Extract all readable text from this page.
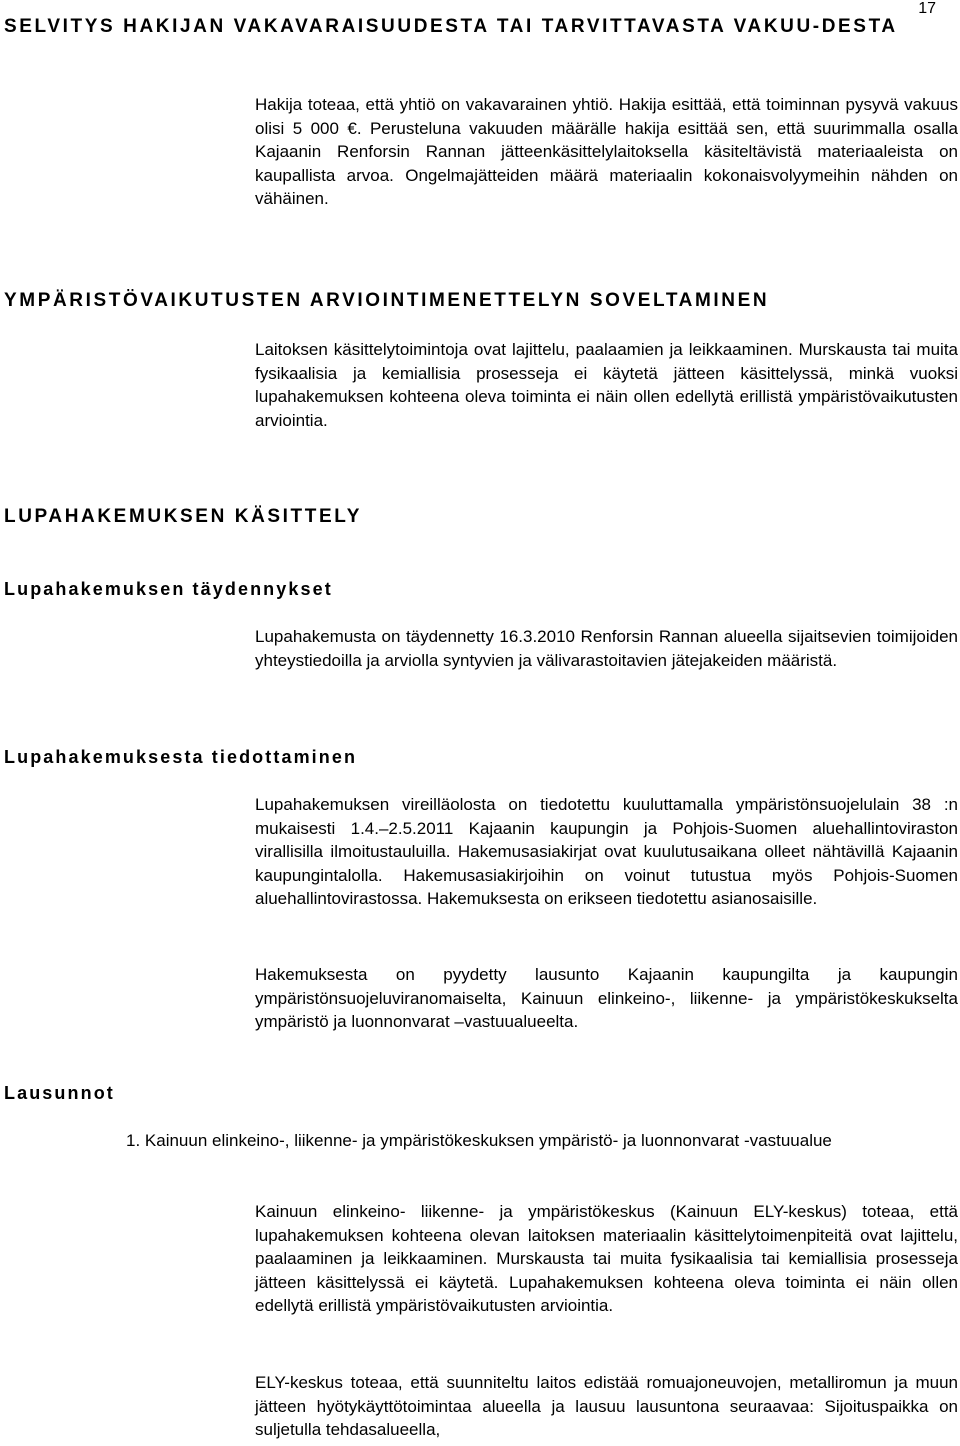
17
SELVITYS HAKIJAN VAKAVARAISUUDESTA TAI TARVITTAVASTA VAKUU-DESTA

Hakija toteaa, että yhtiö on vakavarainen yhtiö. Hakija esittää, että toiminnan pysyvä vakuus olisi 5 000 €. Perusteluna vakuuden määrälle hakija esittää sen, että suurimmalla osalla Kajaanin Renforsin Rannan jätteenkäsittelylaitoksella käsiteltävistä materiaaleista on kaupallista arvoa. Ongelmajätteiden määrä materiaalin kokonaisvolyymeihin nähden on vähäinen.

YMPÄRISTÖVAIKUTUSTEN ARVIOINTIMENETTELYN SOVELTAMINEN

Laitoksen käsittelytoimintoja ovat lajittelu, paalaamien ja leikkaaminen. Murskausta tai muita fysikaalisia ja kemiallisia prosesseja ei käytetä jätteen käsittelyssä, minkä vuoksi lupahakemuksen kohteena oleva toiminta ei näin ollen edellytä erillistä ympäristövaikutusten arviointia.

LUPAHAKEMUKSEN KÄSITTELY
Lupahakemuksen täydennykset

Lupahakemusta on täydennetty 16.3.2010 Renforsin Rannan alueella sijaitsevien toimijoiden yhteystiedoilla ja arviolla syntyvien ja välivarastoitavien jätejakeiden määristä.

Lupahakemuksesta tiedottaminen

Lupahakemuksen vireilläolosta on tiedotettu kuuluttamalla ympäristönsuojelulain 38 :n mukaisesti 1.4.–2.5.2011 Kajaanin kaupungin ja Pohjois-Suomen aluehallintoviraston virallisilla ilmoitustauluilla. Hakemusasiakirjat ovat kuulutusaikana olleet nähtävillä Kajaanin kaupungintalolla. Hakemusasiakirjoihin on voinut tutustua myös Pohjois-Suomen aluehallintovirastossa. Hakemuksesta on erikseen tiedotettu asianosaisille.

Hakemuksesta on pyydetty lausunto Kajaanin kaupungilta ja kaupungin ympäristönsuojeluviranomaiselta, Kainuun elinkeino-, liikenne- ja ympäristökeskukselta ympäristö ja luonnonvarat –vastuualueelta.

Lausunnot

1. Kainuun elinkeino-, liikenne- ja ympäristökeskuksen ympäristö- ja luonnonvarat -vastuualue

Kainuun elinkeino- liikenne- ja ympäristökeskus (Kainuun ELY-keskus) toteaa, että lupahakemuksen kohteena olevan laitoksen materiaalin käsittelytoimenpiteitä ovat lajittelu, paalaaminen ja leikkaaminen. Murskausta tai muita fysikaalisia tai kemiallisia prosesseja jätteen käsittelyssä ei käytetä. Lupahakemuksen kohteena oleva toiminta ei näin ollen edellytä erillistä ympäristövaikutusten arviointia.

ELY-keskus toteaa, että suunniteltu laitos edistää romuajoneuvojen, metalliromun ja muun jätteen hyötykäyttötoimintaa alueella ja lausuu lausuntona seuraavaa: Sijoituspaikka on suljetulla tehdasalueella,
